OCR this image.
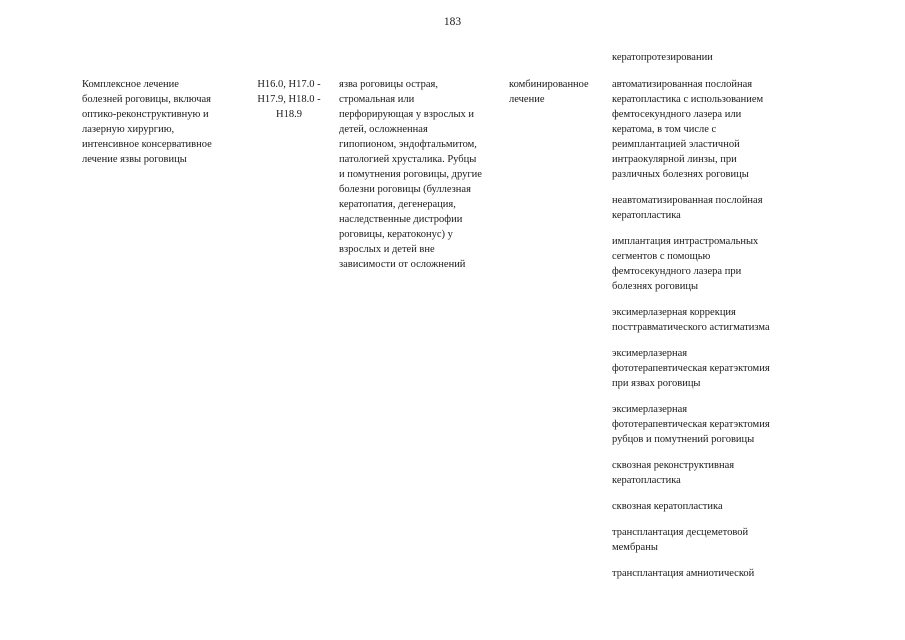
183
кератопротезировании
Комплексное лечение
болезней роговицы, включая
оптико-реконструктивную и
лазерную хирургию,
интенсивное консервативное
лечение язвы роговицы
H16.0, H17.0 -
H17.9, H18.0 -
H18.9
язва роговицы острая,
стромальная или
перфорирующая у взрослых и
детей, осложненная
гипопионом, эндофтальмитом,
патологией хрусталика. Рубцы
и помутнения роговицы, другие
болезни роговицы (буллезная
кератопатия, дегенерация,
наследственные дистрофии
роговицы, кератоконус) у
взрослых и детей вне
зависимости от осложнений
комбинированное
лечение
автоматизированная послойная
кератопластика с использованием
фемтосекундного лазера или
кератома, в том числе с
реимплантацией эластичной
интраокулярной линзы, при
различных болезнях роговицы
неавтоматизированная послойная
кератопластика
имплантация интрастромальных
сегментов с помощью
фемтосекундного лазера при
болезнях роговицы
эксимерлазерная коррекция
посттравматического астигматизма
эксимерлазерная
фототерапевтическая кератэктомия
при язвах роговицы
эксимерлазерная
фототерапевтическая кератэктомия
рубцов и помутнений роговицы
сквозная реконструктивная
кератопластика
сквозная кератопластика
трансплантация десцеметовой
мембраны
трансплантация амниотической
